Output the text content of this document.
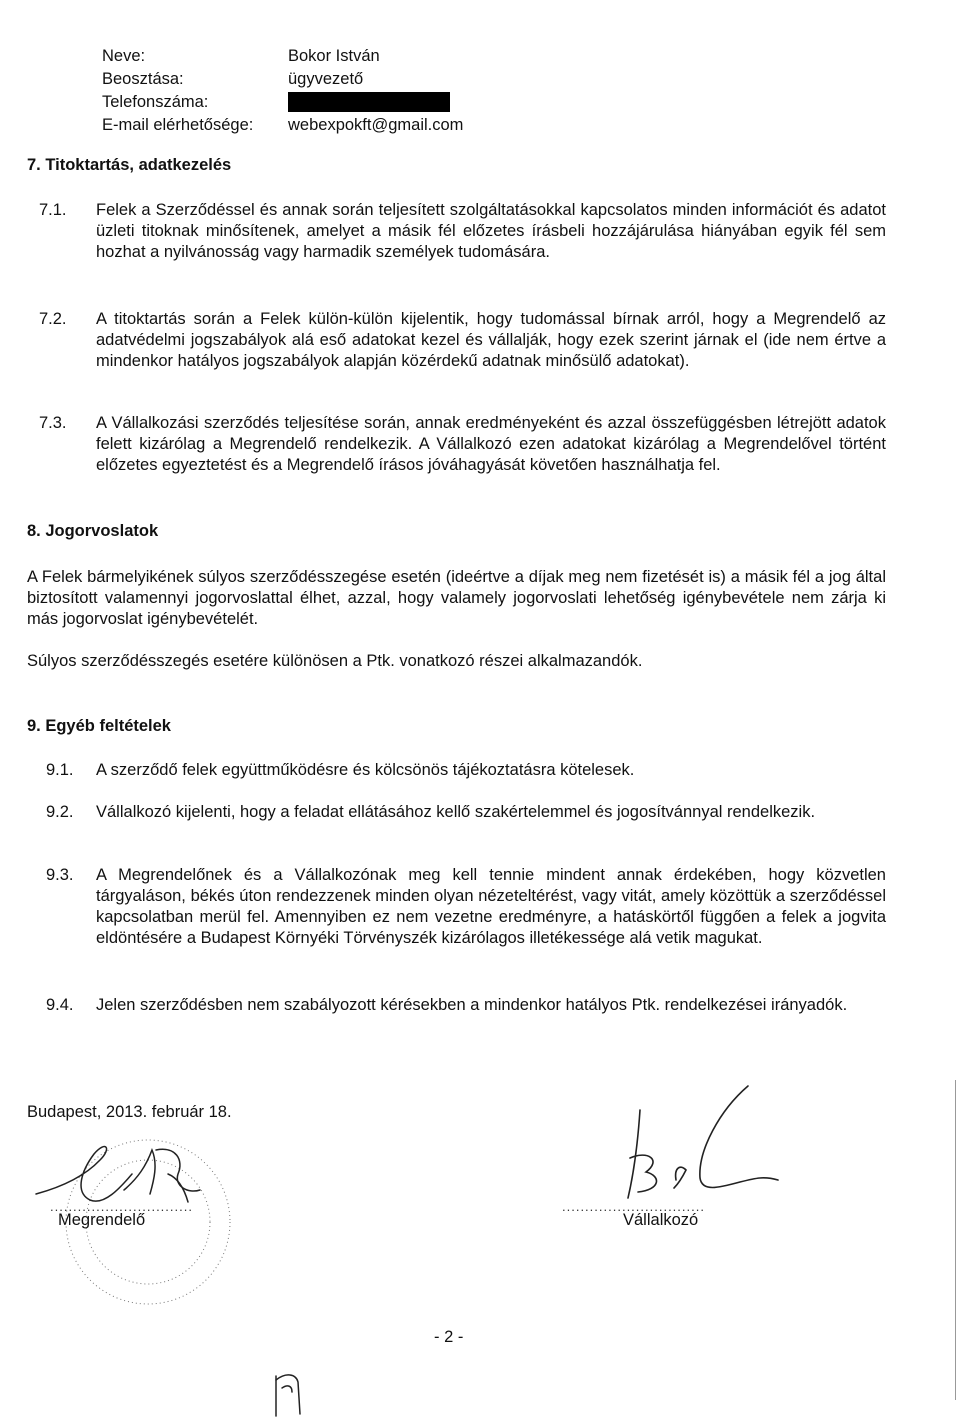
Neve:	Bokor István
Beosztása:	ügyvezető
Telefonszáma:
E-mail elérhetősége: webexpokft@gmail.com
7. Titoktartás, adatkezelés
7.1. Felek a Szerződéssel és annak során teljesített szolgáltatásokkal kapcsolatos minden információt és adatot üzleti titoknak minősítenek, amelyet a másik fél előzetes írásbeli hozzájárulása hiányában egyik fél sem hozhat a nyilvánosság vagy harmadik személyek tudomására.
7.2. A titoktartás során a Felek külön-külön kijelentik, hogy tudomással bírnak arról, hogy a Megrendelő az adatvédelmi jogszabályok alá eső adatokat kezel és vállalják, hogy ezek szerint járnak el (ide nem értve a mindenkor hatályos jogszabályok alapján közérdekű adatnak minősülő adatokat).
7.3. A Vállalkozási szerződés teljesítése során, annak eredményeként és azzal összefüggésben létrejött adatok felett kizárólag a Megrendelő rendelkezik. A Vállalkozó ezen adatokat kizárólag a Megrendelővel történt előzetes egyeztetést és a Megrendelő írásos jóváhagyását követően használhatja fel.
8. Jogorvoslatok
A Felek bármelyikének súlyos szerződésszegése esetén (ideértve a díjak meg nem fizetését is) a másik fél a jog által biztosított valamennyi jogorvoslattal élhet, azzal, hogy valamely jogorvoslati lehetőség igénybevétele nem zárja ki más jogorvoslat igénybevételét.
Súlyos szerződésszegés esetére különösen a Ptk. vonatkozó részei alkalmazandók.
9. Egyéb feltételek
9.1. A szerződő felek együttműködésre és kölcsönös tájékoztatásra kötelesek.
9.2. Vállalkozó kijelenti, hogy a feladat ellátásához kellő szakértelemmel és jogosítvánnyal rendelkezik.
9.3. A Megrendelőnek és a Vállalkozónak meg kell tennie mindent annak érdekében, hogy közvetlen tárgyaláson, békés úton rendezzenek minden olyan nézeteltérést, vagy vitát, amely közöttük a szerződéssel kapcsolatban merül fel. Amennyiben ez nem vezetne eredményre, a hatáskörtől függően a felek a jogvita eldöntésére a Budapest Környéki Törvényszék kizárólagos illetékessége alá vetik magukat.
9.4. Jelen szerződésben nem szabályozott kérésekben a mindenkor hatályos Ptk. rendelkezései irányadók.
Budapest, 2013. február 18.
...............................
Megrendelő
...............................
Vállalkozó
- 2 -
